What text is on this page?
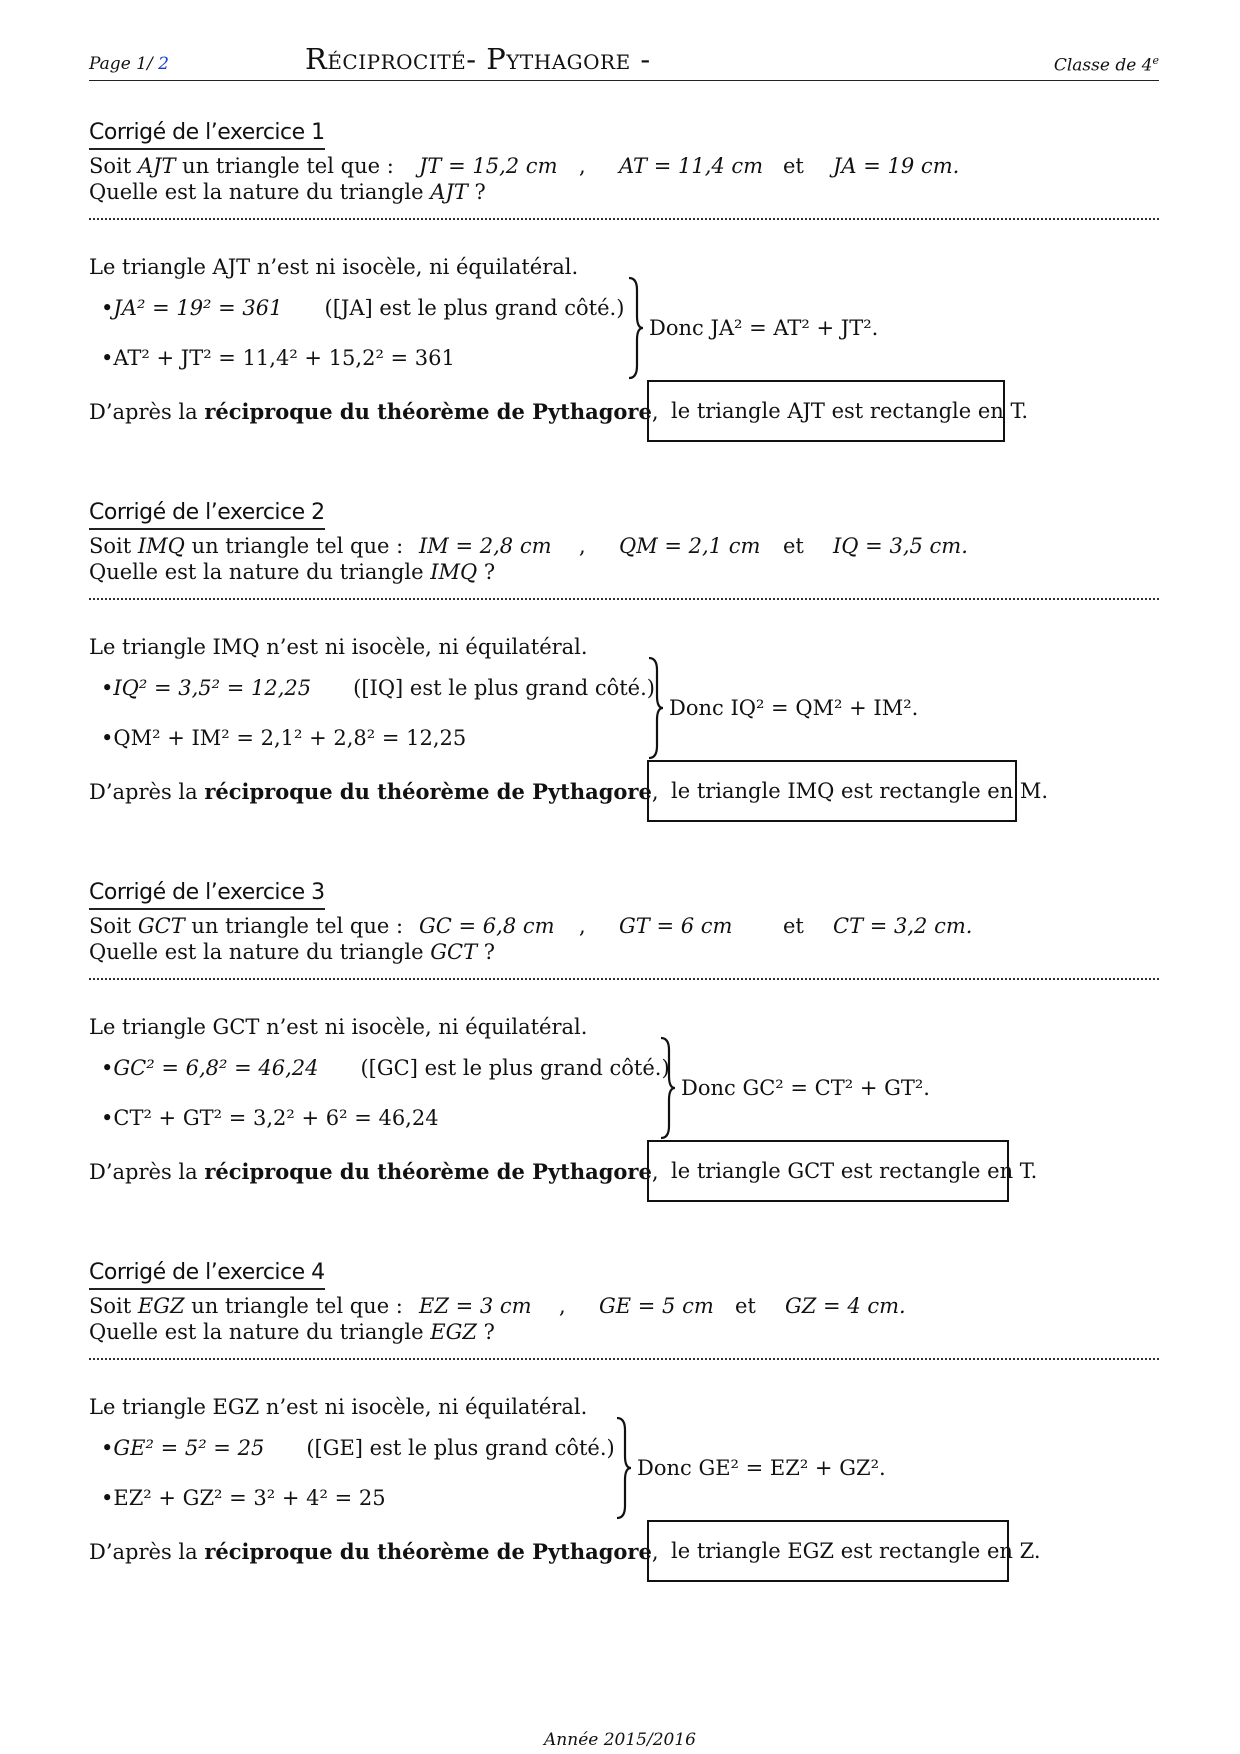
Page 1/ 2	Réciprocité- Pythagore -	Classe de 4e
Corrigé de l’exercice 1
Soit AJT un triangle tel que : JT = 15,2 cm , AT = 11,4 cm et JA = 19 cm.
Quelle est la nature du triangle AJT ?
Le triangle AJT n’est ni isocèle, ni équilatéral.
•JA² = 19² = 361 ([JA] est le plus grand côté.)
•AT² + JT² = 11,4² + 15,2² = 361
Donc JA² = AT² + JT².
D’après la réciproque du théorème de Pythagore, le triangle AJT est rectangle en T.
Corrigé de l’exercice 2
Soit IMQ un triangle tel que : IM = 2,8 cm , QM = 2,1 cm et IQ = 3,5 cm.
Quelle est la nature du triangle IMQ ?
Le triangle IMQ n’est ni isocèle, ni équilatéral.
•IQ² = 3,5² = 12,25 ([IQ] est le plus grand côté.)
•QM² + IM² = 2,1² + 2,8² = 12,25
Donc IQ² = QM² + IM².
D’après la réciproque du théorème de Pythagore, le triangle IMQ est rectangle en M.
Corrigé de l’exercice 3
Soit GCT un triangle tel que : GC = 6,8 cm , GT = 6 cm et CT = 3,2 cm.
Quelle est la nature du triangle GCT ?
Le triangle GCT n’est ni isocèle, ni équilatéral.
•GC² = 6,8² = 46,24 ([GC] est le plus grand côté.)
•CT² + GT² = 3,2² + 6² = 46,24
Donc GC² = CT² + GT².
D’après la réciproque du théorème de Pythagore, le triangle GCT est rectangle en T.
Corrigé de l’exercice 4
Soit EGZ un triangle tel que : EZ = 3 cm , GE = 5 cm et GZ = 4 cm.
Quelle est la nature du triangle EGZ ?
Le triangle EGZ n’est ni isocèle, ni équilatéral.
•GE² = 5² = 25 ([GE] est le plus grand côté.)
•EZ² + GZ² = 3² + 4² = 25
Donc GE² = EZ² + GZ².
D’après la réciproque du théorème de Pythagore, le triangle EGZ est rectangle en Z.
Année 2015/2016
